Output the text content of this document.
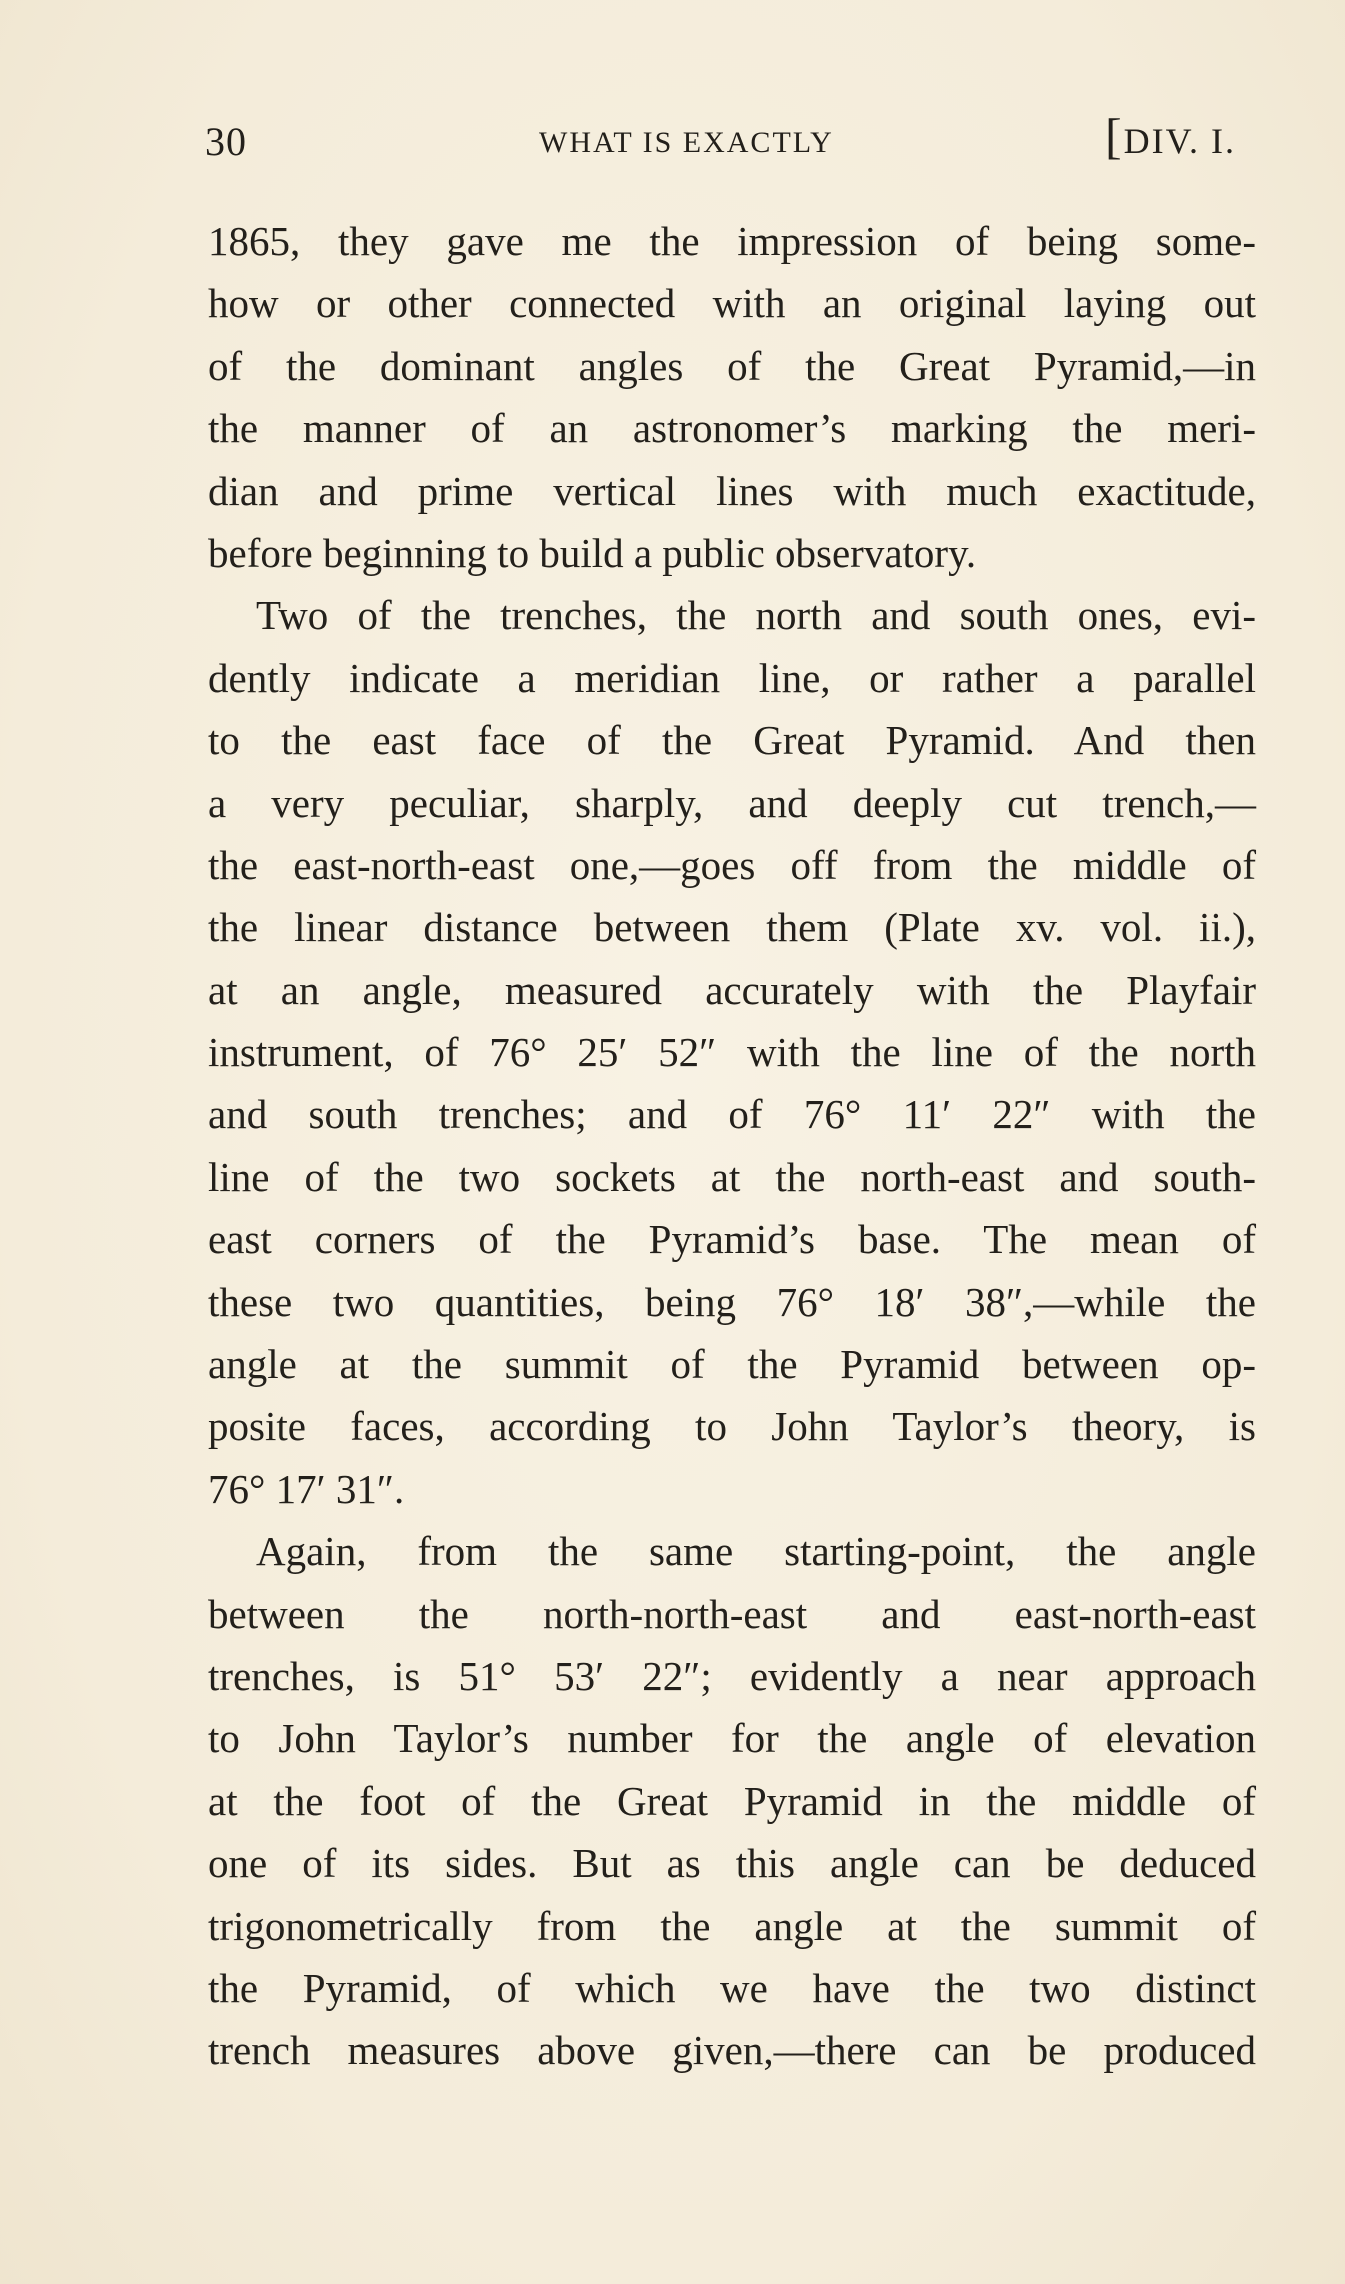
30	WHAT IS EXACTLY	[DIV. I.
1865, they gave me the impression of being some-
how or other connected with an original laying out
of the dominant angles of the Great Pyramid,—in
the manner of an astronomer’s marking the meri-
dian and prime vertical lines with much exactitude,
before beginning to build a public observatory.
Two of the trenches, the north and south ones, evi-
dently indicate a meridian line, or rather a parallel
to the east face of the Great Pyramid. And then
a very peculiar, sharply, and deeply cut trench,—
the east-north-east one,—goes off from the middle of
the linear distance between them (Plate xv. vol. ii.),
at an angle, measured accurately with the Playfair
instrument, of 76° 25′ 52″ with the line of the north
and south trenches; and of 76° 11′ 22″ with the
line of the two sockets at the north-east and south-
east corners of the Pyramid’s base. The mean of
these two quantities, being 76° 18′ 38″,—while the
angle at the summit of the Pyramid between op-
posite faces, according to John Taylor’s theory, is
76° 17′ 31″.
Again, from the same starting-point, the angle
between the north-north-east and east-north-east
trenches, is 51° 53′ 22″; evidently a near approach
to John Taylor’s number for the angle of elevation
at the foot of the Great Pyramid in the middle of
one of its sides. But as this angle can be deduced
trigonometrically from the angle at the summit of
the Pyramid, of which we have the two distinct
trench measures above given,—there can be produced
